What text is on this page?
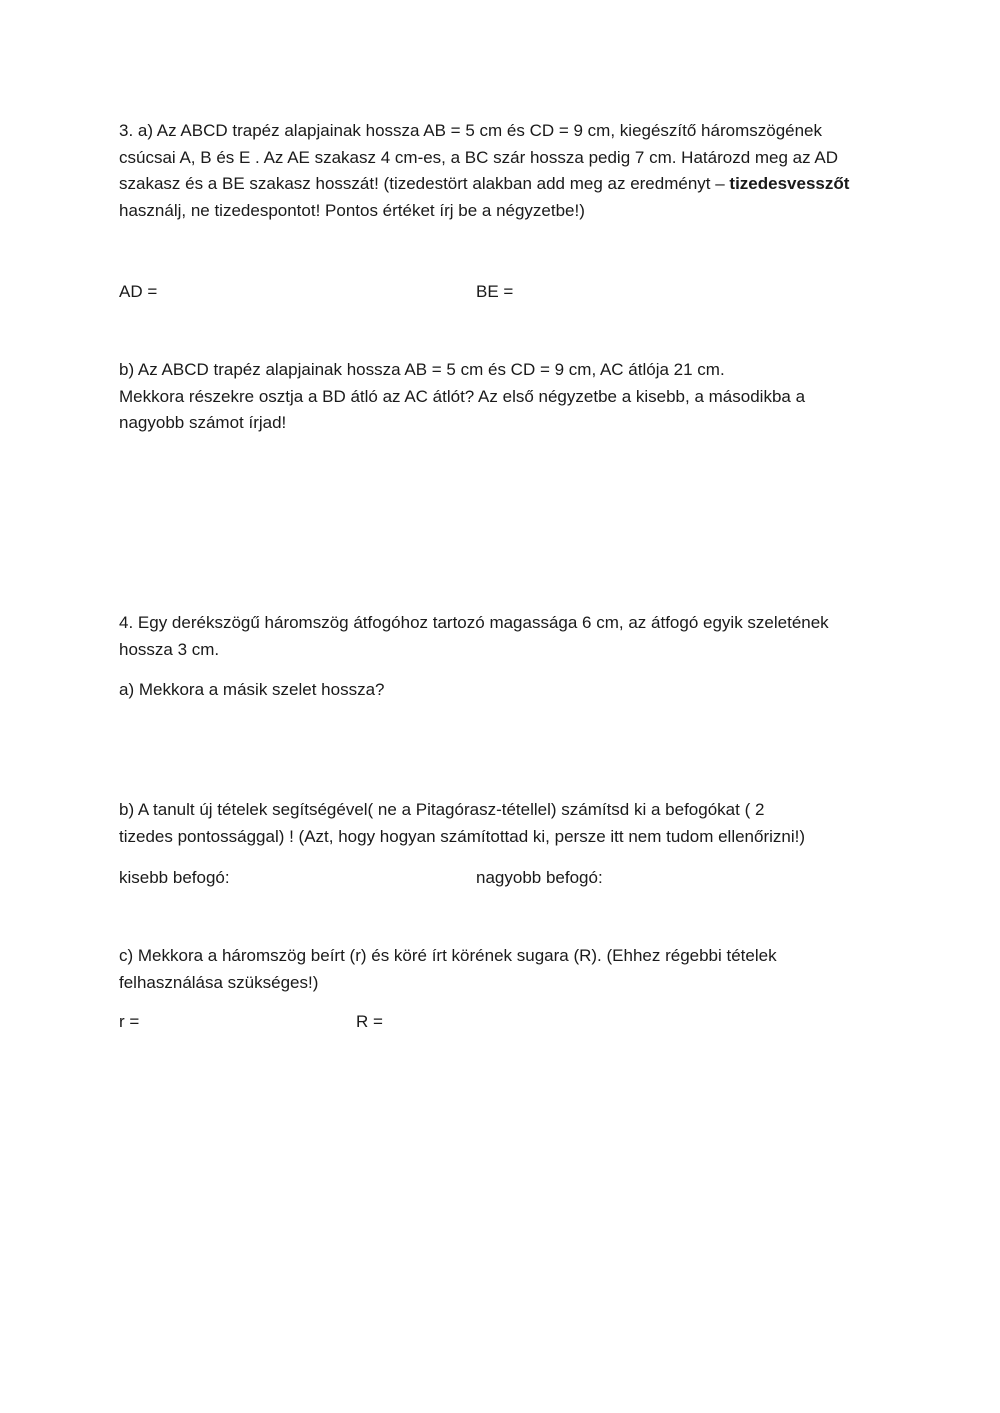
3. a) Az ABCD trapéz alapjainak hossza AB = 5 cm és CD = 9 cm, kiegészítő háromszögének
csúcsai A, B és E . Az AE szakasz 4 cm-es, a BC szár hossza pedig 7 cm. Határozd meg az AD
szakasz és a BE szakasz hosszát! (tizedestört alakban add meg az eredményt – tizedesvesszőt
használj, ne tizedespontot! Pontos értéket írj be a négyzetbe!)

AD =	BE =

b) Az ABCD trapéz alapjainak hossza AB = 5 cm és CD = 9 cm, AC átlója 21 cm.
Mekkora részekre osztja a BD átló az AC átlót? Az első négyzetbe a kisebb, a másodikba a
nagyobb számot írjad!

4. Egy derékszögű háromszög átfogóhoz tartozó magassága 6 cm, az átfogó egyik szeletének
hossza 3 cm.

a) Mekkora a másik szelet hossza?

b) A tanult új tételek segítségével( ne a Pitagórasz-tétellel) számítsd ki a befogókat ( 2
tizedes pontossággal) ! (Azt, hogy hogyan számítottad ki, persze itt nem tudom ellenőrizni!)

kisebb befogó:	nagyobb befogó:

c) Mekkora a háromszög beírt (r) és köré írt körének sugara (R). (Ehhez régebbi tételek
felhasználása szükséges!)

r =	R =
